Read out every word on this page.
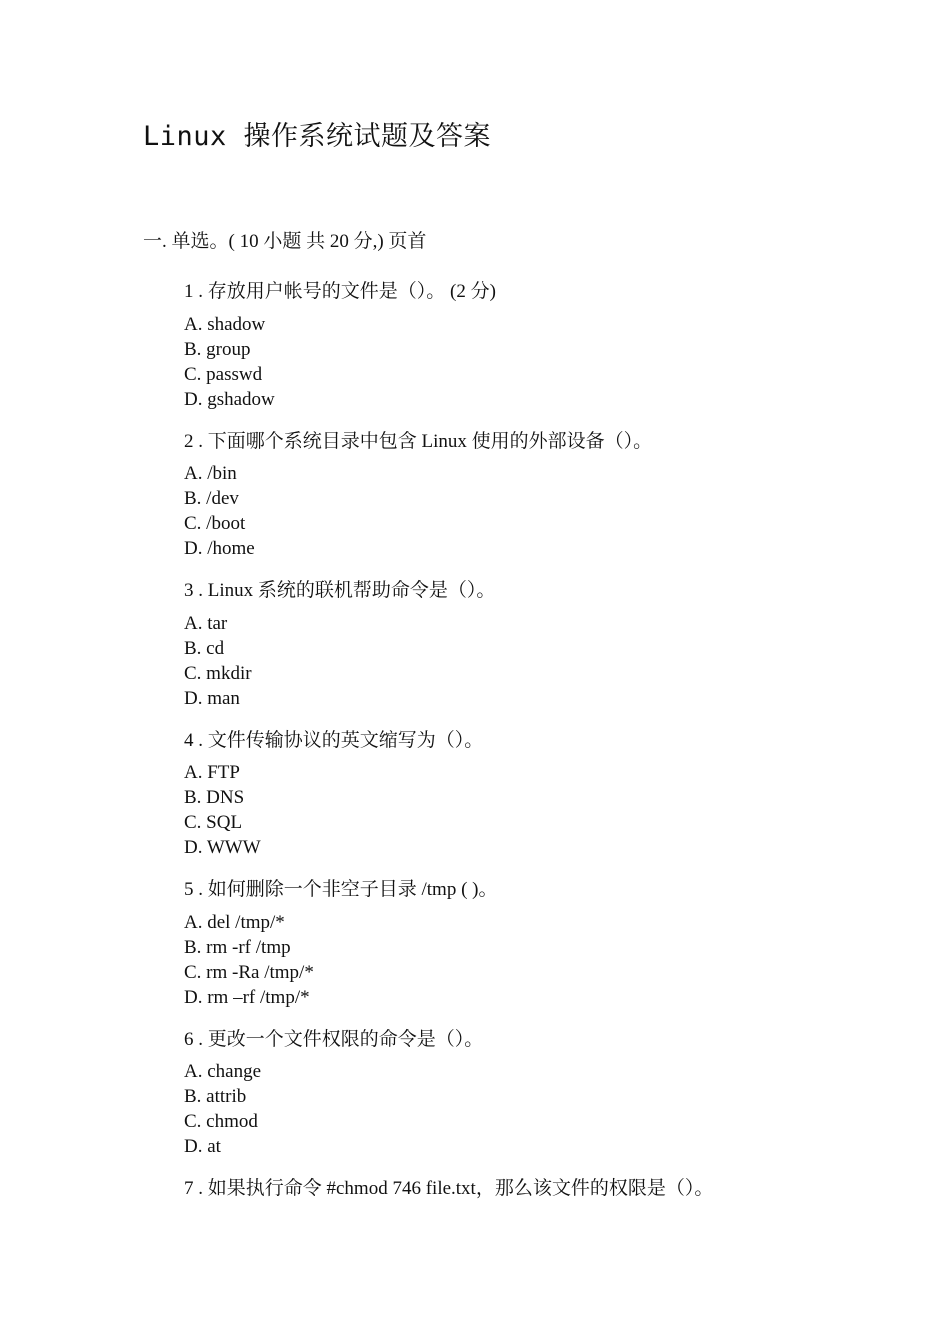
Linux 操作系统试题及答案
一. 单选。( 10 小题 共 20 分,) 页首
1 . 存放用户帐号的文件是（）。 (2 分)
A. shadow
B. group
C. passwd
D. gshadow
2 . 下面哪个系统目录中包含 Linux 使用的外部设备（）。
A. /bin
B. /dev
C. /boot
D. /home
3 . Linux 系统的联机帮助命令是（）。
A. tar
B. cd
C. mkdir
D. man
4 . 文件传输协议的英文缩写为（）。
A. FTP
B. DNS
C. SQL
D. WWW
5 . 如何删除一个非空子目录 /tmp ( )。
A. del /tmp/*
B. rm -rf /tmp
C. rm -Ra /tmp/*
D. rm –rf /tmp/*
6 . 更改一个文件权限的命令是（）。
A. change
B. attrib
C. chmod
D. at
7 . 如果执行命令 #chmod 746 file.txt，那么该文件的权限是（）。
